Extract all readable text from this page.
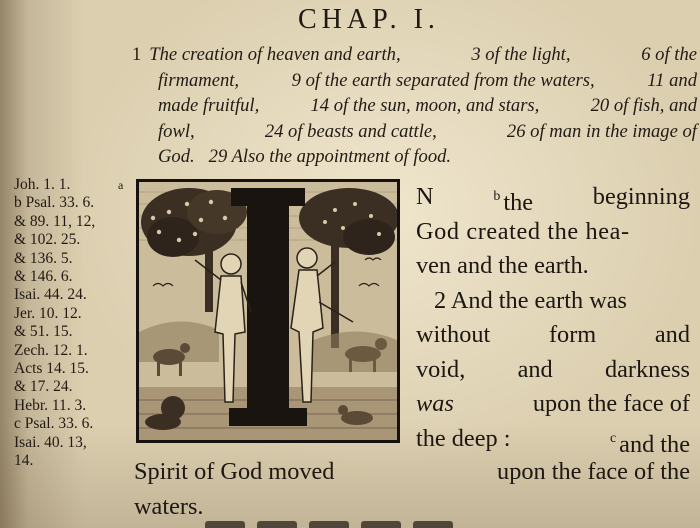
CHAP. I.
1 The creation of heaven and earth,	3 of the light,	6 of the
firmament,	9 of the earth separated from the waters,	11 and
made fruitful,	14 of the sun, moon, and stars,	20 of fish, and
fowl,	24 of beasts and cattle,	26 of man in the image of
God. 29 Also the appointment of food.
a
Joh. 1. 1.
b Psal. 33. 6.
& 89. 11, 12,
& 102. 25.
& 136. 5.
& 146. 6.
Isai. 44. 24.
Jer. 10. 12.
& 51. 15.
Zech. 12. 1.
Acts 14. 15.
& 17. 24.
Hebr. 11. 3.
c Psal. 33. 6.
Isai. 40. 13,
14.
N	$^b$ the beginning
God created the hea-
ven and the earth.
2 And the earth was
without form and
void, and darkness
was	upon the face of
the deep :	$^c$ and the
Spirit of God moved	upon the face of the
waters.
